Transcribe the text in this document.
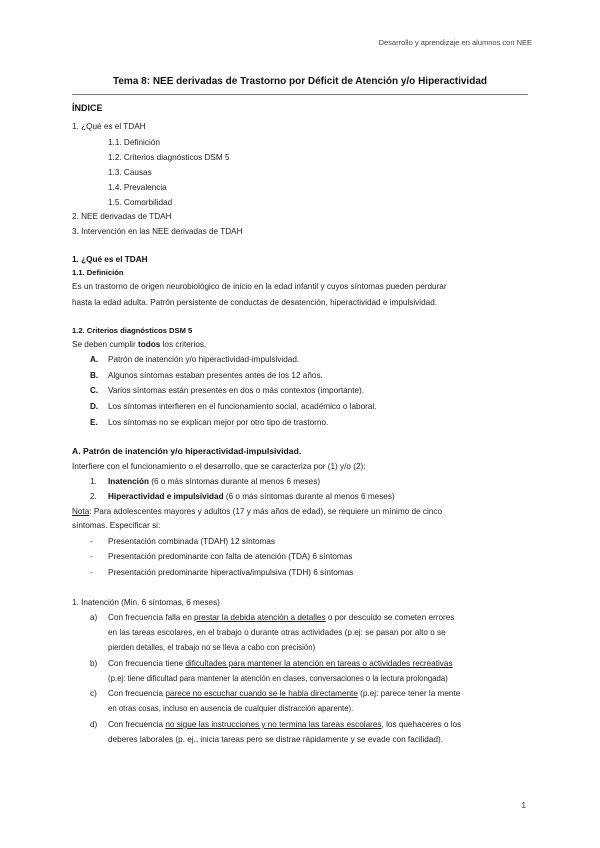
Desarrollo y aprendizaje en alumnos con NEE
Tema 8: NEE derivadas de Trastorno por Déficit de Atención y/o Hiperactividad
ÍNDICE
1. ¿Qué es el TDAH
1.1. Definición
1.2. Criterios diagnósticos DSM 5
1.3. Causas
1.4. Prevalencia
1.5. Comorbilidad
2. NEE derivadas de TDAH
3. Intervención en las NEE derivadas de TDAH
1. ¿Qué es el TDAH
1.1. Definición
Es un trastorno de origen neurobiológico de inicio en la edad infantil y cuyos síntomas pueden perdurar
hasta la edad adulta. Patrón persistente de conductas de desatención, hiperactividad e impulsividad.
1.2. Criterios diagnósticos DSM 5
Se deben cumplir todos los criterios.
A. Patrón de inatención y/o hiperactividad-impulsividad.
B. Algunos síntomas estaban presentes antes de los 12 años.
C. Varios síntomas están presentes en dos o más contextos (importante).
D. Los síntomas interfieren en el funcionamiento social, académico o laboral.
E. Los síntomas no se explican mejor por otro tipo de trastorno.
A. Patrón de inatención y/o hiperactividad-impulsividad.
Interfiere con el funcionamiento o el desarrollo, que se caracteriza por (1) y/o (2):
1. Inatención (6 o más síntomas durante al menos 6 meses)
2. Hiperactividad e impulsividad (6 o más síntomas durante al menos 6 meses)
Nota: Para adolescentes mayores y adultos (17 y más años de edad), se requiere un mínimo de cinco
síntomas. Especificar si:
- Presentación combinada (TDAH) 12 síntomas
- Presentación predominante con falta de atención (TDA) 6 síntomas
- Presentación predominante hiperactiva/impulsiva (TDH) 6 síntomas
1. Inatención (Min. 6 síntomas, 6 meses)
a) Con frecuencia falla en prestar la debida atención a detalles o por descuido se cometen errores
en las tareas escolares, en el trabajo o durante otras actividades (p.ej: se pasan por alto o se
pierden detalles, el trabajo no se lleva a cabo con precisión)
b) Con frecuencia tiene dificultades para mantener la atención en tareas o actividades recreativas
(p.ej: tiene dificultad para mantener la atención en clases, conversaciones o la lectura prolongada)
c) Con frecuencia parece no escuchar cuando se le habla directamente (p.ej: parece tener la mente
en otras cosas, incluso en ausencia de cualquier distracción aparente).
d) Con frecuencia no sigue las instrucciones y no termina las tareas escolares, los quehaceres o los
deberes laborales (p. ej., inicia tareas pero se distrae rápidamente y se evade con facilidad).
1
